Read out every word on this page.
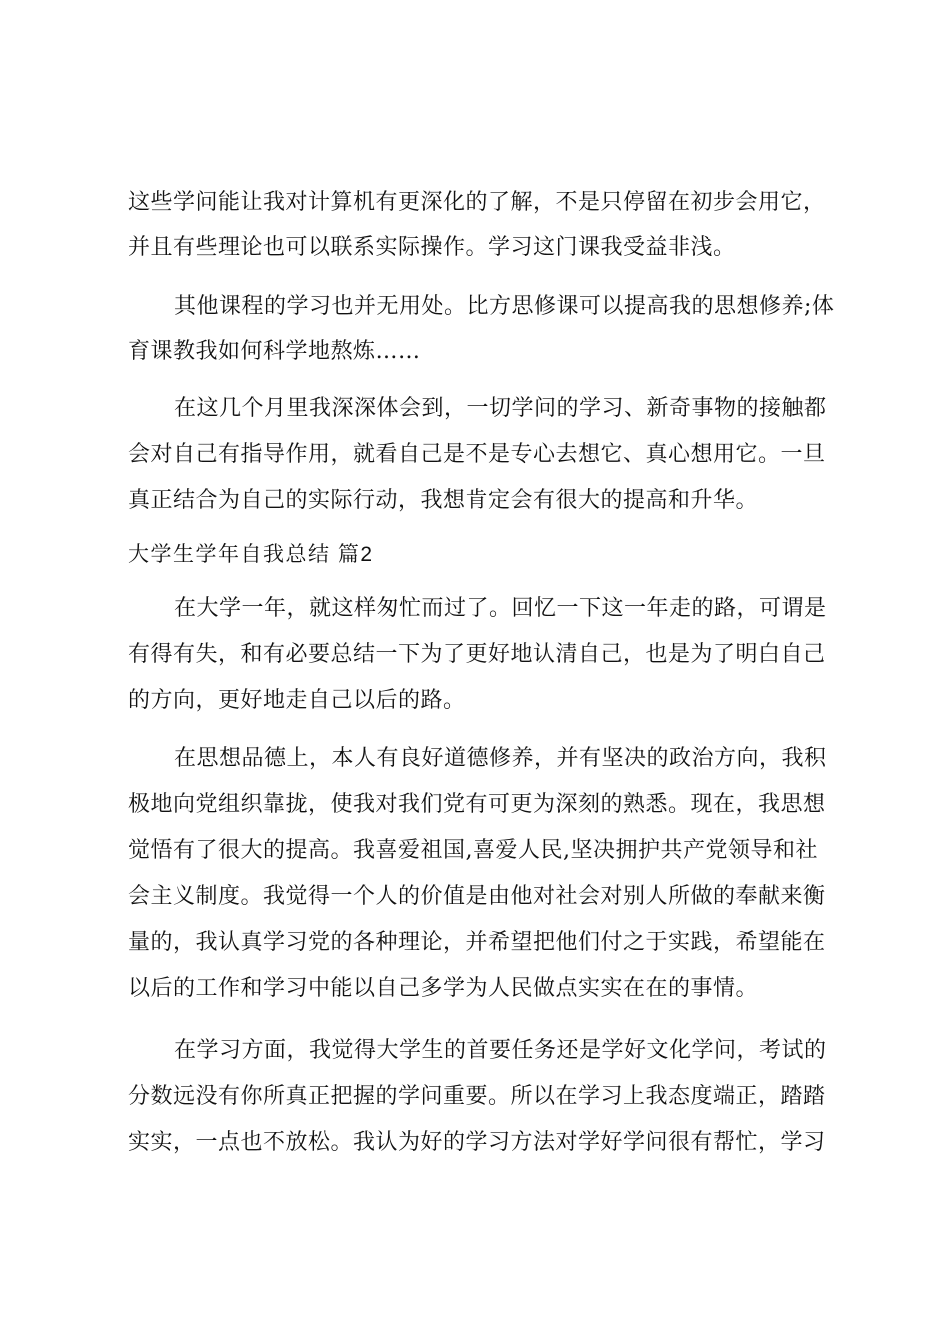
这些学问能让我对计算机有更深化的了解，不是只停留在初步会用它，
并且有些理论也可以联系实际操作。学习这门课我受益非浅。
其他课程的学习也并无用处。比方思修课可以提高我的思想修养;体
育课教我如何科学地熬炼……
在这几个月里我深深体会到，一切学问的学习、新奇事物的接触都
会对自己有指导作用，就看自己是不是专心去想它、真心想用它。一旦
真正结合为自己的实际行动，我想肯定会有很大的提高和升华。
大学生学年自我总结 篇2
在大学一年，就这样匆忙而过了。回忆一下这一年走的路，可谓是
有得有失，和有必要总结一下为了更好地认清自己，也是为了明白自己
的方向，更好地走自己以后的路。
在思想品德上，本人有良好道德修养，并有坚决的政治方向，我积
极地向党组织靠拢，使我对我们党有可更为深刻的熟悉。现在，我思想
觉悟有了很大的提高。我喜爱祖国,喜爱人民,坚决拥护共产党领导和社
会主义制度。我觉得一个人的价值是由他对社会对别人所做的奉献来衡
量的，我认真学习党的各种理论，并希望把他们付之于实践，希望能在
以后的工作和学习中能以自己多学为人民做点实实在在的事情。
在学习方面，我觉得大学生的首要任务还是学好文化学问，考试的
分数远没有你所真正把握的学问重要。所以在学习上我态度端正，踏踏
实实，一点也不放松。我认为好的学习方法对学好学问很有帮忙，学习
